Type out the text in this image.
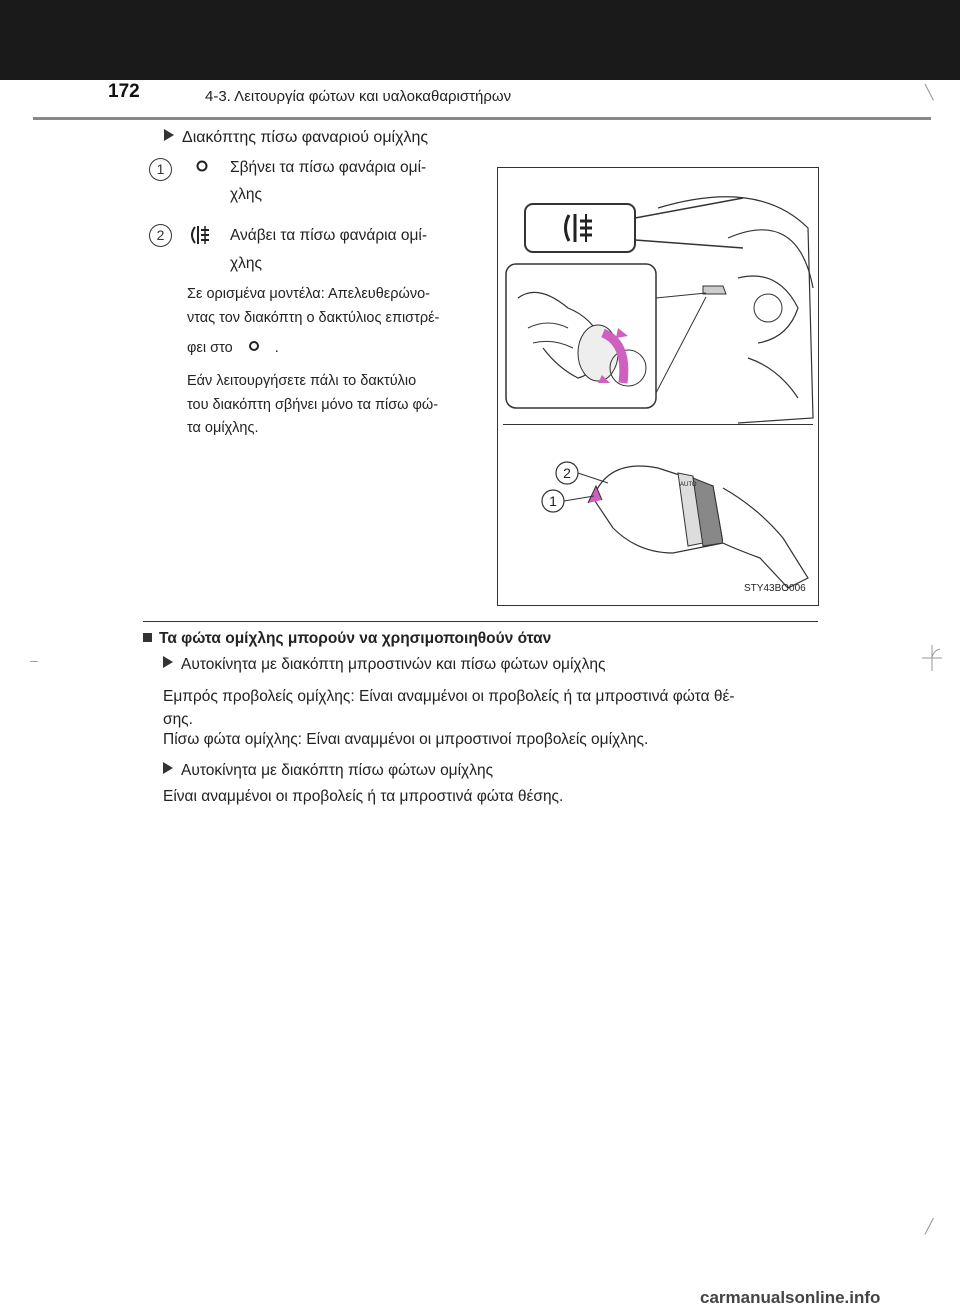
172	4-3. Λειτουργία φώτων και υαλοκαθαριστήρων	╲
–
╱
Διακόπτης πίσω φαναριού ομίχλης
1	Σβήνει τα πίσω φανάρια ομί-
χλης
2	Ανάβει τα πίσω φανάρια ομί-
χλης
Σε ορισμένα μοντέλα: Απελευθερώνο-
ντας τον διακόπτη ο δακτύλιος επιστρέ-
φει στο	.
Εάν λειτουργήσετε πάλι το δακτύλιο
του διακόπτη σβήνει μόνο τα πίσω φώ-
τα ομίχλης.
AUTO
2
1
STY43BO006
Τα φώτα ομίχλης μπορούν να χρησιμοποιηθούν όταν
Αυτοκίνητα με διακόπτη μπροστινών και πίσω φώτων ομίχλης
Εμπρός προβολείς ομίχλης: Είναι αναμμένοι οι προβολείς ή τα μπροστινά φώτα θέ-
σης.
Πίσω φώτα ομίχλης: Είναι αναμμένοι οι μπροστινοί προβολείς ομίχλης.
Αυτοκίνητα με διακόπτη πίσω φώτων ομίχλης
Είναι αναμμένοι οι προβολείς ή τα μπροστινά φώτα θέσης.
carmanualsonline.info
